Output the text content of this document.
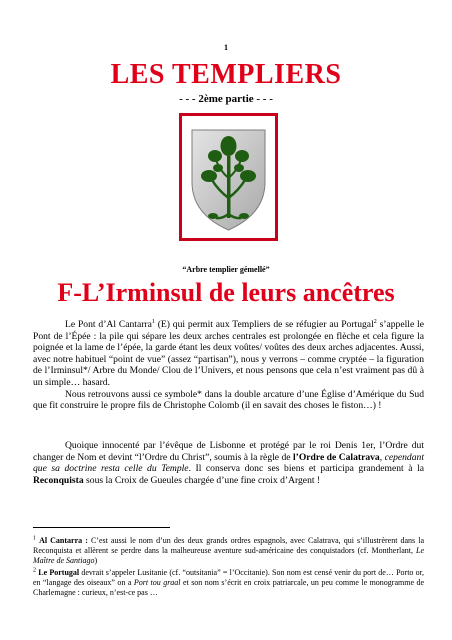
1
LES TEMPLIERS
- - - 2ème partie - - -
“Arbre templier gémellé”
F-L’Irminsul de leurs ancêtres
Le Pont d’Al Cantarra$^1$ (E) qui permit aux Templiers de se réfugier au Portugal$^2$ s’appelle le Pont de l’Épée : la pile qui sépare les deux arches centrales est prolongée en flèche et cela figure la poignée et la lame de l’épée, la garde étant les deux voûtes/ voûtes des deux arches adjacentes. Aussi, avec notre habituel “point de vue” (assez “partisan”), nous y verrons – comme cryptée – la figuration de l’Irminsul*/ Arbre du Monde/ Clou de l’Univers, et nous pensons que cela n’est vraiment pas dû à un simple… hasard.
Nous retrouvons aussi ce symbole* dans la double arcature d’une Église d’Amérique du Sud que fit construire le propre fils de Christophe Colomb (il en savait des choses le fiston…) !
Quoique innocenté par l’évêque de Lisbonne et protégé par le roi Denis 1er, l’Ordre dut changer de Nom et devint “l’Ordre du Christ”, soumis à la règle de l’Ordre de Calatrava, cependant que sa doctrine resta celle du Temple. Il conserva donc ses biens et participa grandement à la Reconquista sous la Croix de Gueules chargée d’une fine croix d’Argent !

$^1$ Al Cantarra : C’est aussi le nom d’un des deux grands ordres espagnols, avec Calatrava, qui s’illustrèrent dans la Reconquista et allèrent se perdre dans la malheureuse aventure sud-américaine des conquistadors (cf. Montherlant, Le Maître de Santiago)

$^2$ Le Portugal devrait s’appeler Lusitanie (cf. “outsitania” = l’Occitanie). Son nom est censé venir du port de… Porto or, en “langage des oiseaux” on a Port tou graal et son nom s’écrit en croix patriarcale, un peu comme le monogramme de Charlemagne : curieux, n’est-ce pas …
